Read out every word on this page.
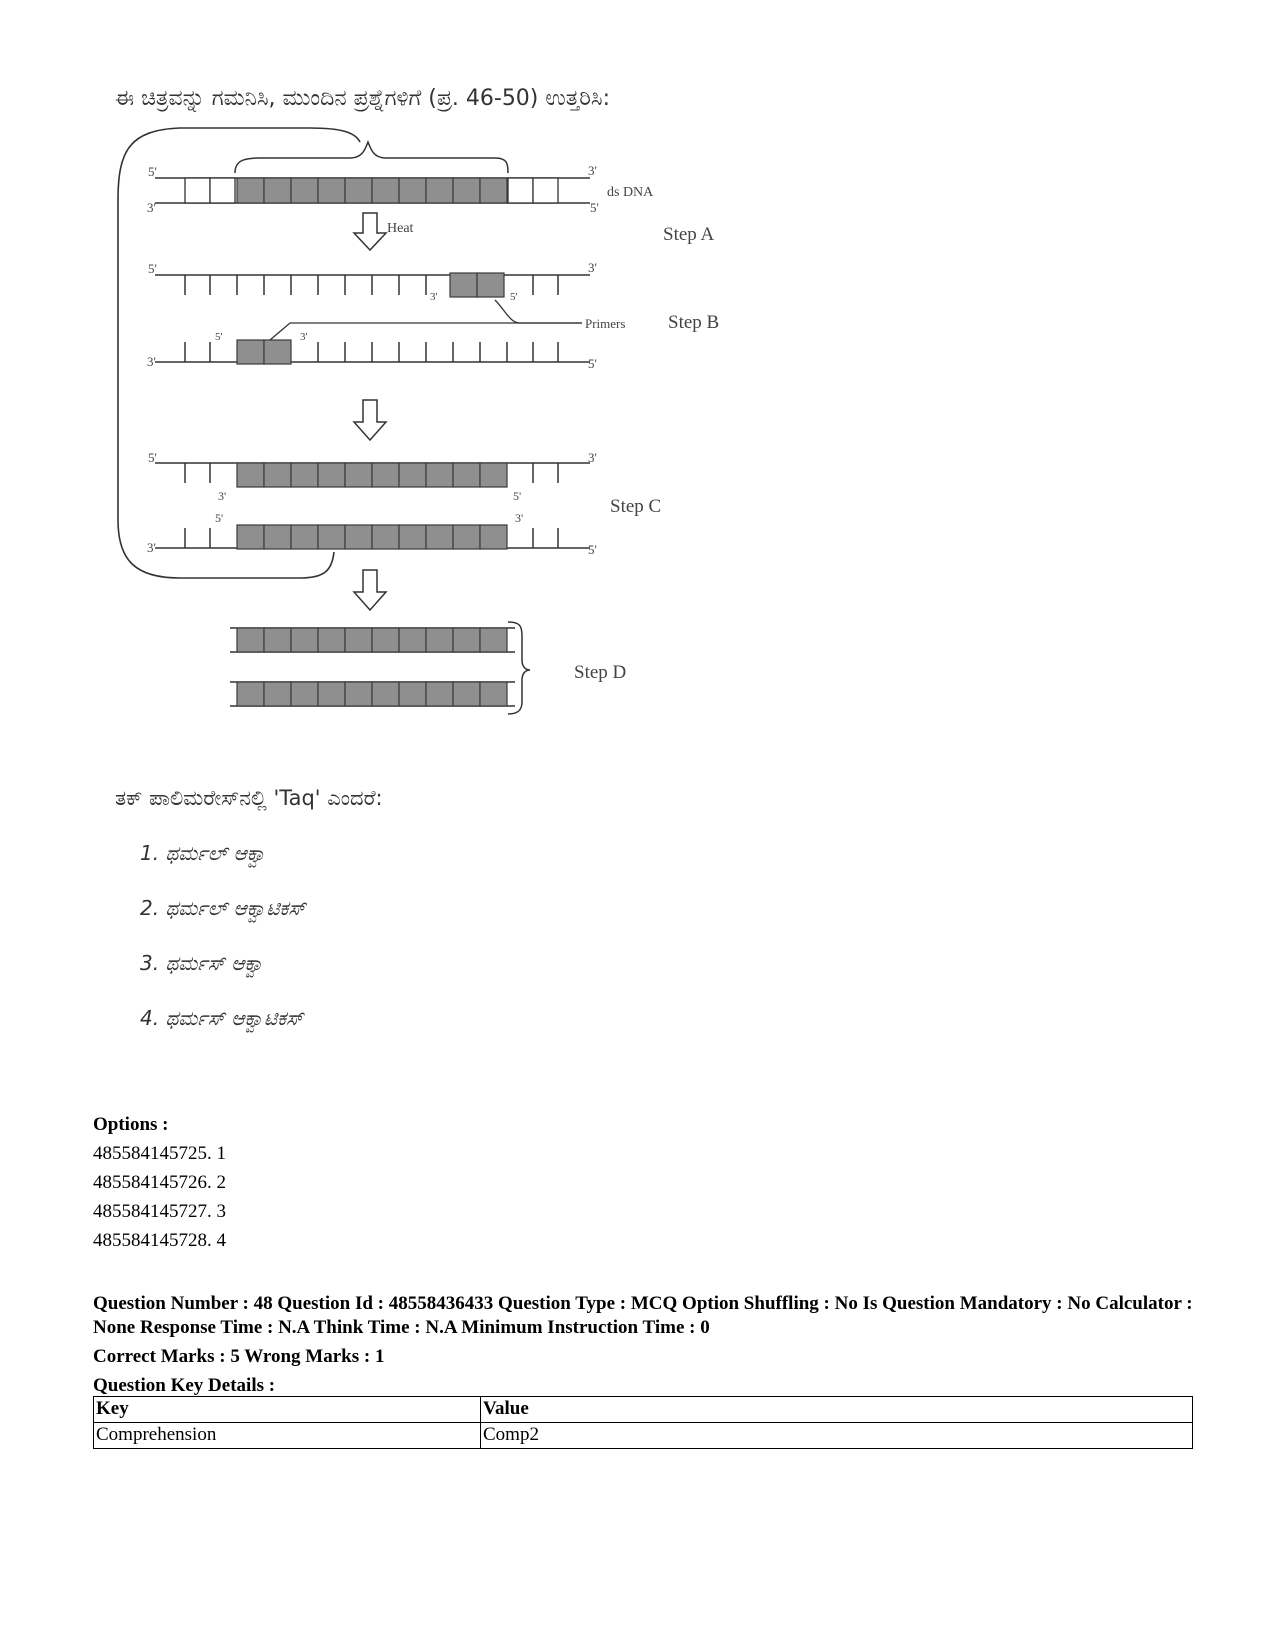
ಈ ಚಿತ್ರವನ್ನು ಗಮನಿಸಿ, ಮುಂದಿನ ಪ್ರಶ್ನೆಗಳಿಗೆ (ಪ್ರ. 46-50) ಉತ್ತರಿಸಿ:
5'
3'
3'
5'
ds DNA
Heat	Step A
5'	3'
3'	5'
Primers Step B
5'	3'
3'	5'
5'	3'
3'	5'	Step C
5'	3'
3'	5'
Step D
ತಕ್ ಪಾಲಿಮರೇಸ್‌ನಲ್ಲಿ 'Taq' ಎಂದರೆ:
1. ಥರ್ಮಲ್ ಆಕ್ವಾ
2. ಥರ್ಮಲ್ ಆಕ್ವಾಟಿಕಸ್
3. ಥರ್ಮಸ್ ಆಕ್ವಾ
4. ಥರ್ಮಸ್ ಆಕ್ವಾಟಿಕಸ್
Options :
485584145725. 1
485584145726. 2
485584145727. 3
485584145728. 4
Question Number : 48 Question Id : 48558436433 Question Type : MCQ Option Shuffling : No Is Question Mandatory : No Calculator : None Response Time : N.A Think Time : N.A Minimum Instruction Time : 0
Correct Marks : 5 Wrong Marks : 1
Question Key Details :
Key	Value
Comprehension	Comp2
